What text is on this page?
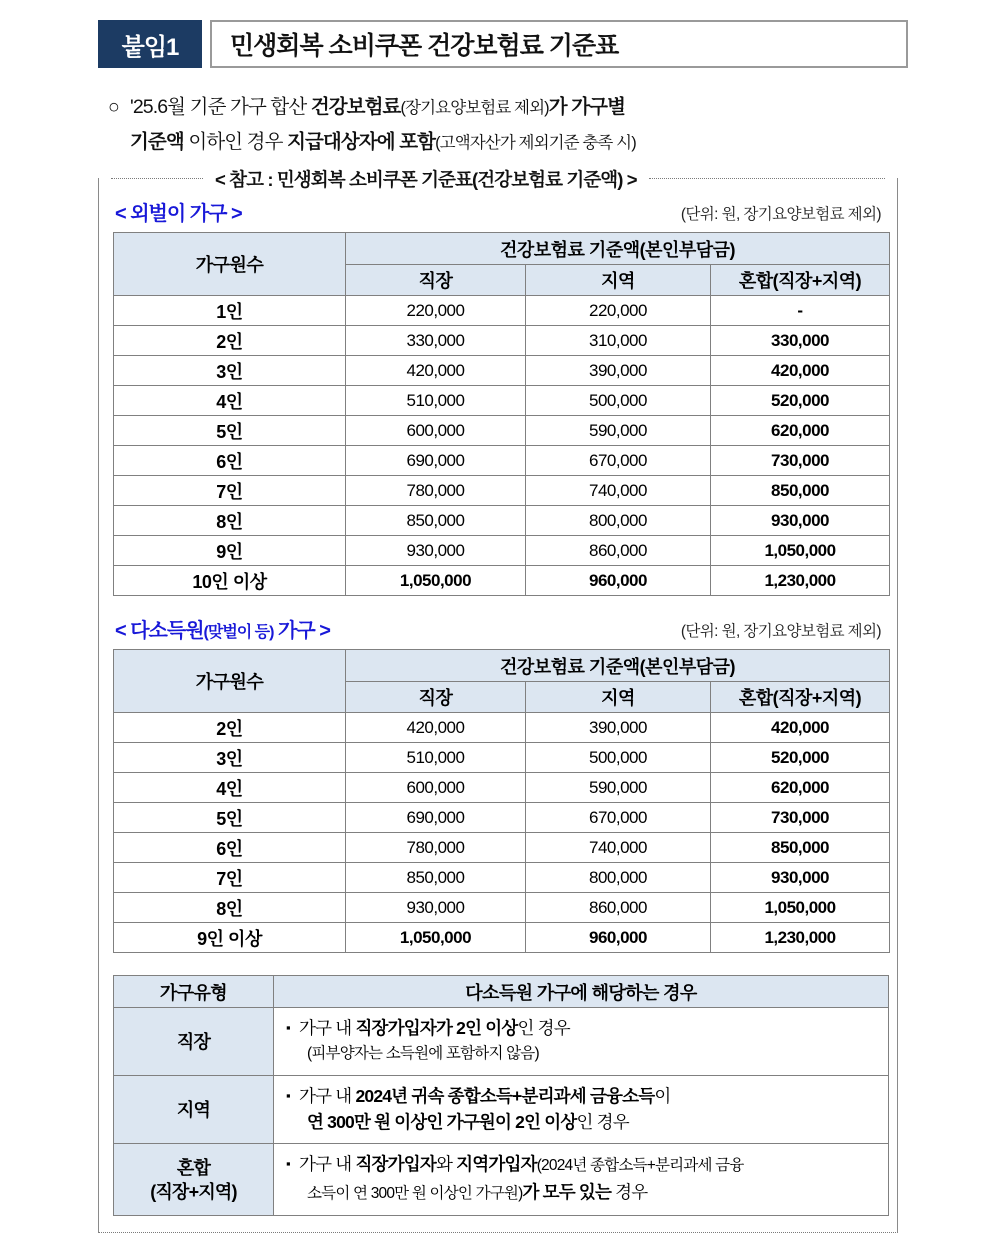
붙임1	민생회복 소비쿠폰 건강보험료 기준표
○ '25.6월 기준 가구 합산 건강보험료(장기요양보험료 제외)가 가구별
기준액 이하인 경우 지급대상자에 포함(고액자산가 제외기준 충족 시)
< 참고 : 민생회복 소비쿠폰 기준표(건강보험료 기준액) >
< 외벌이 가구 >	(단위: 원, 장기요양보험료 제외)
가구원수	건강보험료 기준액(본인부담금)		
	직장	지역	혼합(직장+지역)
1인	220,000	220,000	-
2인	330,000	310,000	330,000
3인	420,000	390,000	420,000
4인	510,000	500,000	520,000
5인	600,000	590,000	620,000
6인	690,000	670,000	730,000
7인	780,000	740,000	850,000
8인	850,000	800,000	930,000
9인	930,000	860,000	1,050,000
10인 이상	1,050,000	960,000	1,230,000
< 다소득원(맞벌이 등) 가구 >	(단위: 원, 장기요양보험료 제외)
가구원수	건강보험료 기준액(본인부담금)		
	직장	지역	혼합(직장+지역)
2인	420,000	390,000	420,000
3인	510,000	500,000	520,000
4인	600,000	590,000	620,000
5인	690,000	670,000	730,000
6인	780,000	740,000	850,000
7인	850,000	800,000	930,000
8인	930,000	860,000	1,050,000
9인 이상	1,050,000	960,000	1,230,000
가구유형	다소득원 가구에 해당하는 경우
직장	▪ 가구 내 직장가입자가 2인 이상인 경우
(피부양자는 소득원에 포함하지 않음)

지역	▪ 가구 내 2024년 귀속 종합소득+분리과세 금융소득이
연 300만 원 이상인 가구원이 2인 이상인 경우

혼합
(직장+지역)	▪ 가구 내 직장가입자와 지역가입자(2024년 종합소득+분리과세 금융
소득이 연 300만 원 이상인 가구원)가 모두 있는 경우
